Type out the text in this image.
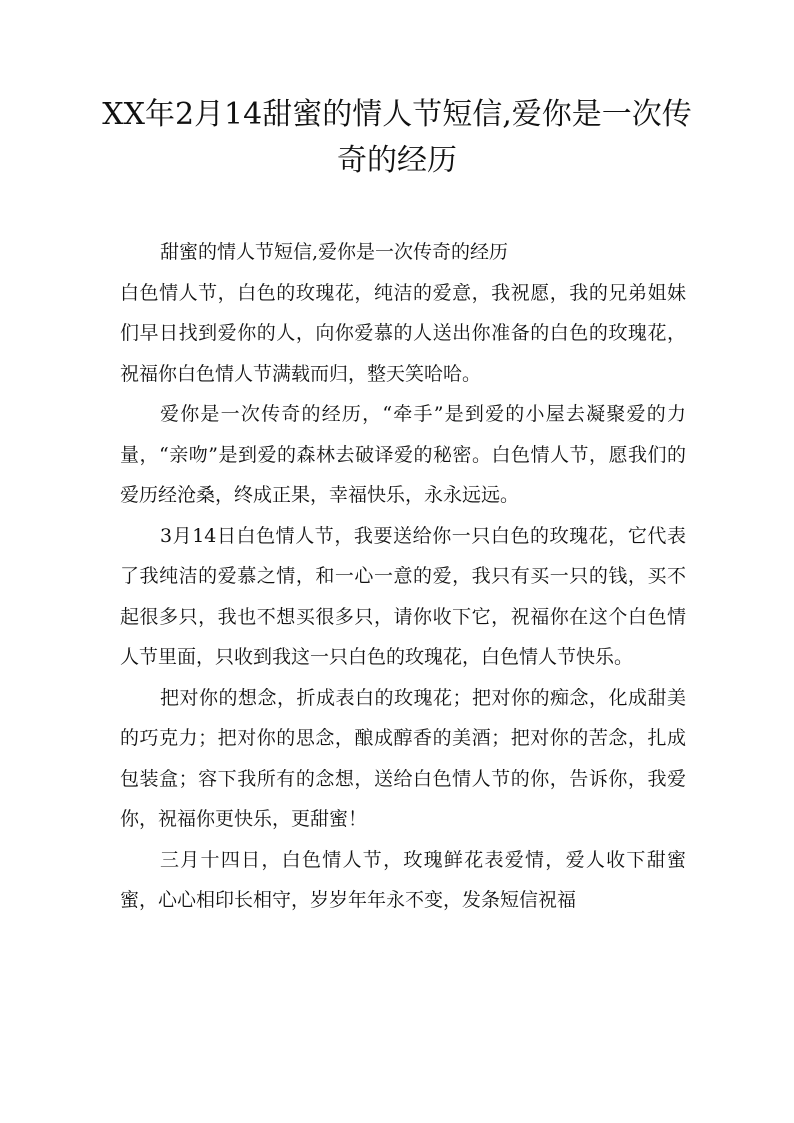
XX年2月14甜蜜的情人节短信,爱你是一次传奇的经历

甜蜜的情人节短信,爱你是一次传奇的经历

白色情人节，白色的玫瑰花，纯洁的爱意，我祝愿，我的兄弟姐妹们早日找到爱你的人，向你爱慕的人送出你准备的白色的玫瑰花，祝福你白色情人节满载而归，整天笑哈哈。

爱你是一次传奇的经历，“牵手”是到爱的小屋去凝聚爱的力量，“亲吻”是到爱的森林去破译爱的秘密。白色情人节，愿我们的爱历经沧桑，终成正果，幸福快乐，永永远远。

3月14日白色情人节，我要送给你一只白色的玫瑰花，它代表了我纯洁的爱慕之情，和一心一意的爱，我只有买一只的钱，买不起很多只，我也不想买很多只，请你收下它，祝福你在这个白色情人节里面，只收到我这一只白色的玫瑰花，白色情人节快乐。

把对你的想念，折成表白的玫瑰花；把对你的痴念，化成甜美的巧克力；把对你的思念，酿成醇香的美酒；把对你的苦念，扎成包装盒；容下我所有的念想，送给白色情人节的你，告诉你，我爱你，祝福你更快乐，更甜蜜！

三月十四日，白色情人节，玫瑰鲜花表爱情，爱人收下甜蜜蜜，心心相印长相守，岁岁年年永不变，发条短信祝福
